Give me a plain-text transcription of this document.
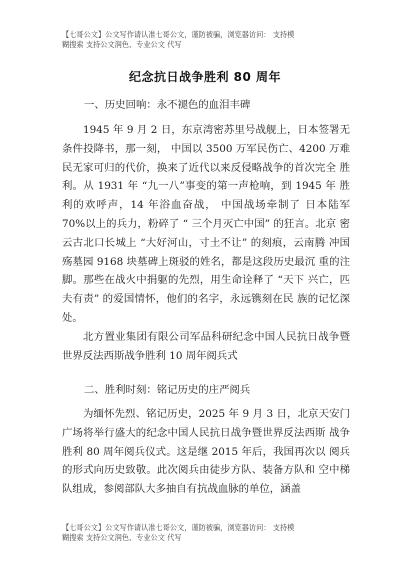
【七哥公文】公文写作请认准七哥公文，谨防被骗，浏览器访问： 支持模
糊搜索 支持公文润色、专业公文 代写
纪念抗日战争胜利 80 周年
一、历史回响：永不褪色的血泪丰碑

1945 年 9 月 2 日，东京湾密苏里号战舰上，日本签署无 条件投降书，那一刻， 中国以 3500 万军民伤亡、4200 万难 民无家可归的代价，换来了近代以来反侵略战争的首次完全 胜利。从 1931 年 “九一八”事变的第一声枪响，到 1945 年 胜利的欢呼声，14 年浴血奋战， 中国战场牵制了 日本陆军 70%以上的兵力，粉碎了 “ 三个月灭亡中国” 的狂言。北京 密云古北口长城上 “大好河山，寸土不让” 的刻痕，云南腾 冲国殇墓园 9168 块墓碑上斑驳的姓名，都是这段历史最沉 重的注脚。那些在战火中捐躯的先烈，用生命诠释了 “天下 兴亡，匹夫有责” 的爱国情怀，他们的名字，永远镌刻在民 族的记忆深处。

北方置业集团有限公司军品科研纪念中国人民抗日战争暨世界反法西斯战争胜利 10 周年阅兵式

二、胜利时刻：铭记历史的庄严阅兵

为缅怀先烈、铭记历史，2025 年 9 月 3 日，北京天安门 广场将举行盛大的纪念中国人民抗日战争暨世界反法西斯 战争胜利 80 周年阅兵仪式。这是继 2015 年后，我国再次以 阅兵的形式向历史致敬。此次阅兵由徒步方队、装备方队和 空中梯队组成，参阅部队大多抽自有抗战血脉的单位，涵盖

【七哥公文】公文写作请认准七哥公文，谨防被骗，浏览器访问： 支持模
糊搜索 支持公文润色、专业公文 代写
